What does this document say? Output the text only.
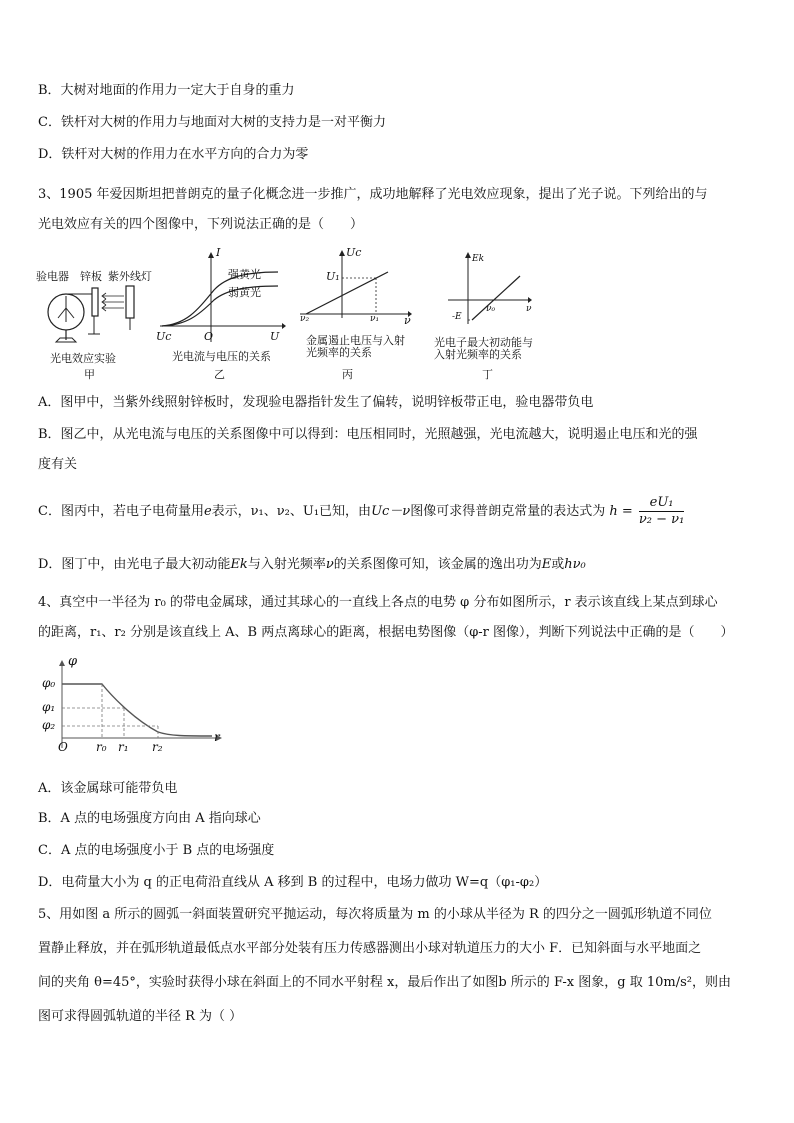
B．大树对地面的作用力一定大于自身的重力
C．铁杆对大树的作用力与地面对大树的支持力是一对平衡力
D．铁杆对大树的作用力在水平方向的合力为零
3、1905 年爱因斯坦把普朗克的量子化概念进一步推广，成功地解释了光电效应现象，提出了光子说。下列给出的与
光电效应有关的四个图像中，下列说法正确的是（　　）
验电器 锌板 紫外线灯
光电效应实验
甲
I
强黄光
弱黄光
Uc	O	U
光电流与电压的关系
乙
Uc
U₁
ν₂	ν₁ ν
金属遏止电压与入射
光频率的关系
丙
Ek
-E
ν₀	ν
光电子最大初动能与
入射光频率的关系
丁
A．图甲中，当紫外线照射锌板时，发现验电器指针发生了偏转，说明锌板带正电，验电器带负电
B．图乙中，从光电流与电压的关系图像中可以得到：电压相同时，光照越强，光电流越大，说明遏止电压和光的强
度有关
C．图丙中，若电子电荷量用e表示，ν₁、ν₂、U₁已知，由Uc－ν图像可求得普朗克常量的表达式为 $h = \frac{\text{eU₁}}{\text{ν₂ − ν₁}}$
D．图丁中，由光电子最大初动能Ek与入射光频率ν的关系图像可知，该金属的逸出功为E或hν₀
4、真空中一半径为 r₀ 的带电金属球，通过其球心的一直线上各点的电势 φ 分布如图所示，r 表示该直线上某点到球心
的距离，r₁、r₂ 分别是该直线上 A、B 两点离球心的距离，根据电势图像（φ-r 图像），判断下列说法中正确的是（　　）
φ
φ₀
φ₁
φ₂
O r₀ r₁ r₂
r
A．该金属球可能带负电
B．A 点的电场强度方向由 A 指向球心
C．A 点的电场强度小于 B 点的电场强度
D．电荷量大小为 q 的正电荷沿直线从 A 移到 B 的过程中，电场力做功 W=q（φ₁-φ₂）
5、用如图 a 所示的圆弧一斜面装置研究平抛运动，每次将质量为 m 的小球从半径为 R 的四分之一圆弧形轨道不同位
置静止释放，并在弧形轨道最低点水平部分处装有压力传感器测出小球对轨道压力的大小 F．已知斜面与水平地面之
间的夹角 θ=45°，实验时获得小球在斜面上的不同水平射程 x，最后作出了如图b 所示的 F-x 图象，g 取 10m/s²，则由
图可求得圆弧轨道的半径 R 为（ ）
